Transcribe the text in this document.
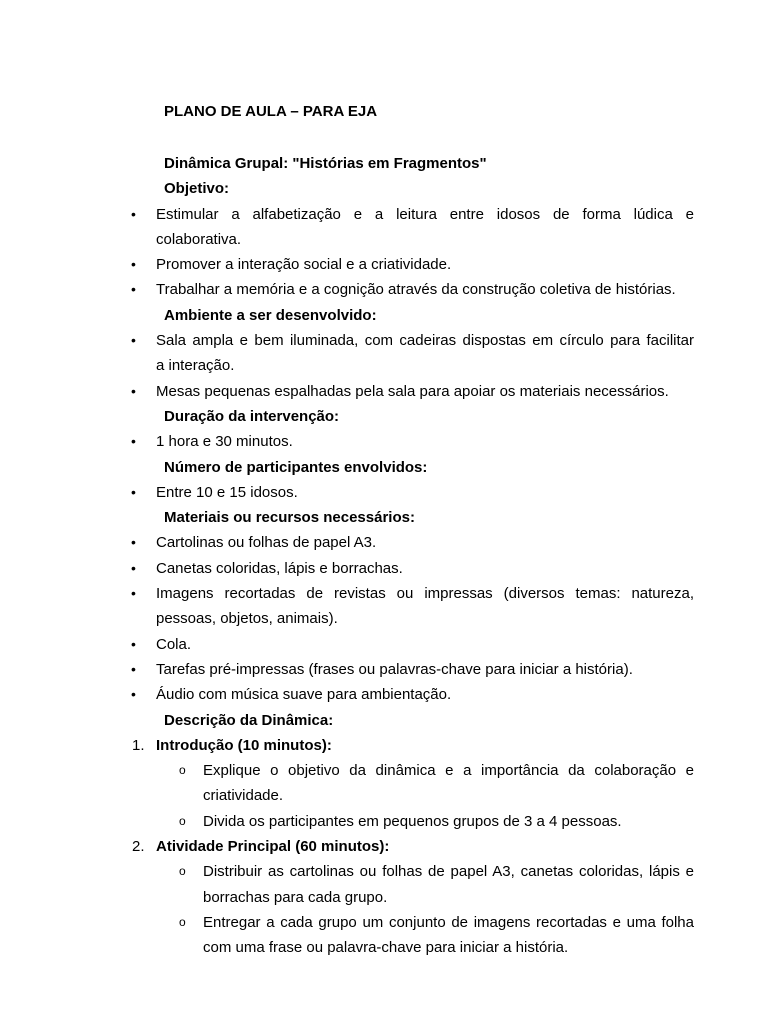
PLANO DE AULA – PARA EJA
Dinâmica Grupal: "Histórias em Fragmentos"
Objetivo:
• Estimular a alfabetização e a leitura entre idosos de forma lúdica e
colaborativa.
• Promover a interação social e a criatividade.
• Trabalhar a memória e a cognição através da construção coletiva de histórias.
Ambiente a ser desenvolvido:
• Sala ampla e bem iluminada, com cadeiras dispostas em círculo para facilitar
a interação.
• Mesas pequenas espalhadas pela sala para apoiar os materiais necessários.
Duração da intervenção:
• 1 hora e 30 minutos.
Número de participantes envolvidos:
• Entre 10 e 15 idosos.
Materiais ou recursos necessários:
• Cartolinas ou folhas de papel A3.
• Canetas coloridas, lápis e borrachas.
• Imagens recortadas de revistas ou impressas (diversos temas: natureza,
pessoas, objetos, animais).
• Cola.
• Tarefas pré-impressas (frases ou palavras-chave para iniciar a história).
• Áudio com música suave para ambientação.
Descrição da Dinâmica:
1. Introdução (10 minutos):
o Explique o objetivo da dinâmica e a importância da colaboração e
criatividade.
o Divida os participantes em pequenos grupos de 3 a 4 pessoas.
2. Atividade Principal (60 minutos):
o Distribuir as cartolinas ou folhas de papel A3, canetas coloridas, lápis e
borrachas para cada grupo.
o Entregar a cada grupo um conjunto de imagens recortadas e uma folha
com uma frase ou palavra-chave para iniciar a história.
